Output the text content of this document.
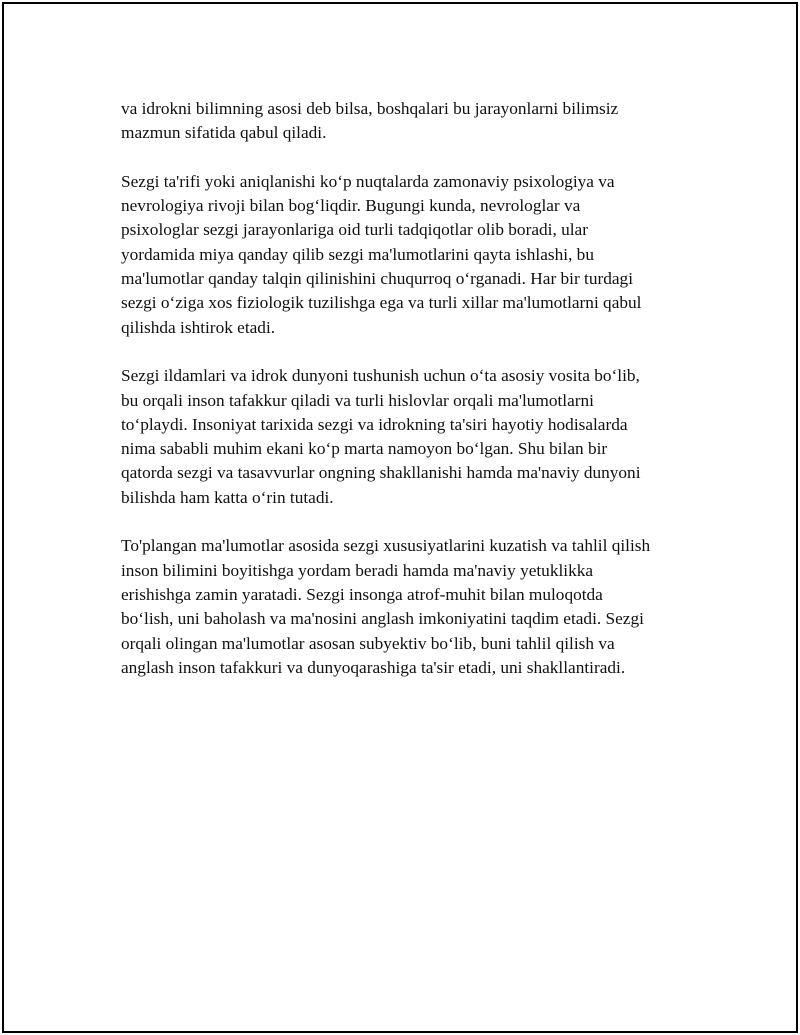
va idrokni bilimning asosi deb bilsa, boshqalari bu jarayonlarni bilimsiz
mazmun sifatida qabul qiladi.

Sezgi ta'rifi yoki aniqlanishi ko‘p nuqtalarda zamonaviy psixologiya va
nevrologiya rivoji bilan bog‘liqdir. Bugungi kunda, nevrologlar va
psixologlar sezgi jarayonlariga oid turli tadqiqotlar olib boradi, ular
yordamida miya qanday qilib sezgi ma'lumotlarini qayta ishlashi, bu
ma'lumotlar qanday talqin qilinishini chuqurroq o‘rganadi. Har bir turdagi
sezgi o‘ziga xos fiziologik tuzilishga ega va turli xillar ma'lumotlarni qabul
qilishda ishtirok etadi.

Sezgi ildamlari va idrok dunyoni tushunish uchun o‘ta asosiy vosita bo‘lib,
bu orqali inson tafakkur qiladi va turli hislovlar orqali ma'lumotlarni
to‘playdi. Insoniyat tarixida sezgi va idrokning ta'siri hayotiy hodisalarda
nima sababli muhim ekani ko‘p marta namoyon bo‘lgan. Shu bilan bir
qatorda sezgi va tasavvurlar ongning shakllanishi hamda ma'naviy dunyoni
bilishda ham katta o‘rin tutadi.

To'plangan ma'lumotlar asosida sezgi xususiyatlarini kuzatish va tahlil qilish
inson bilimini boyitishga yordam beradi hamda ma'naviy yetuklikka
erishishga zamin yaratadi. Sezgi insonga atrof-muhit bilan muloqotda
bo‘lish, uni baholash va ma'nosini anglash imkoniyatini taqdim etadi. Sezgi
orqali olingan ma'lumotlar asosan subyektiv bo‘lib, buni tahlil qilish va
anglash inson tafakkuri va dunyoqarashiga ta'sir etadi, uni shakllantiradi.
